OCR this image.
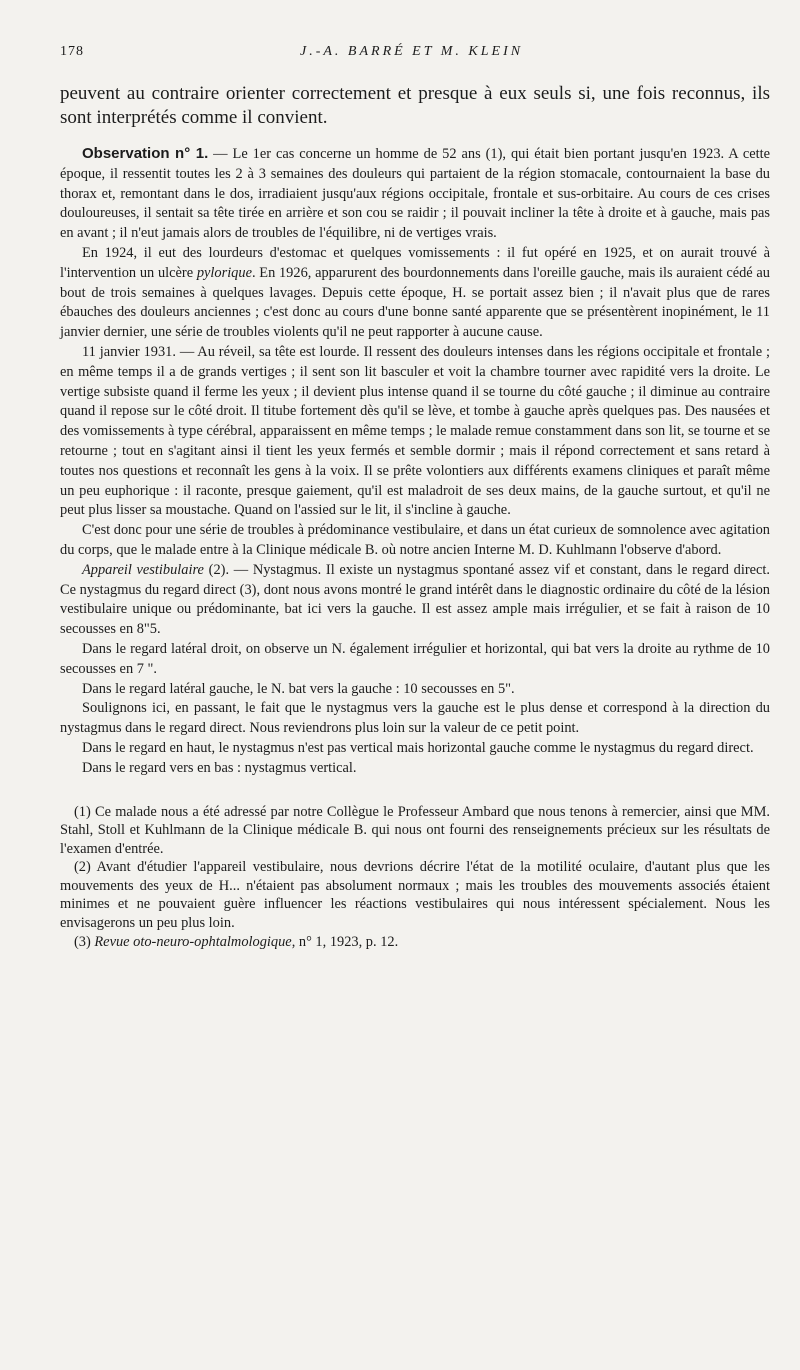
178	J.-A. BARRÉ ET M. KLEIN

peuvent au contraire orienter correctement et presque à eux seuls si, une fois reconnus, ils sont interprétés comme il convient.

Observation n° 1. — Le 1er cas concerne un homme de 52 ans (1), qui était bien portant jusqu'en 1923. A cette époque, il ressentit toutes les 2 à 3 semaines des douleurs qui partaient de la région stomacale, contournaient la base du thorax et, remontant dans le dos, irradiaient jusqu'aux régions occipitale, frontale et sus-orbitaire. Au cours de ces crises douloureuses, il sentait sa tête tirée en arrière et son cou se raidir ; il pouvait incliner la tête à droite et à gauche, mais pas en avant ; il n'eut jamais alors de troubles de l'équilibre, ni de vertiges vrais.

En 1924, il eut des lourdeurs d'estomac et quelques vomissements : il fut opéré en 1925, et on aurait trouvé à l'intervention un ulcère pylorique. En 1926, apparurent des bourdonnements dans l'oreille gauche, mais ils auraient cédé au bout de trois semaines à quelques lavages. Depuis cette époque, H. se portait assez bien ; il n'avait plus que de rares ébauches des douleurs anciennes ; c'est donc au cours d'une bonne santé apparente que se présentèrent inopinément, le 11 janvier dernier, une série de troubles violents qu'il ne peut rapporter à aucune cause.

11 janvier 1931. — Au réveil, sa tête est lourde. Il ressent des douleurs intenses dans les régions occipitale et frontale ; en même temps il a de grands vertiges ; il sent son lit basculer et voit la chambre tourner avec rapidité vers la droite. Le vertige subsiste quand il ferme les yeux ; il devient plus intense quand il se tourne du côté gauche ; il diminue au contraire quand il repose sur le côté droit. Il titube fortement dès qu'il se lève, et tombe à gauche après quelques pas. Des nausées et des vomissements à type cérébral, apparaissent en même temps ; le malade remue constamment dans son lit, se tourne et se retourne ; tout en s'agitant ainsi il tient les yeux fermés et semble dormir ; mais il répond correctement et sans retard à toutes nos questions et reconnaît les gens à la voix. Il se prête volontiers aux différents examens cliniques et paraît même un peu euphorique : il raconte, presque gaiement, qu'il est maladroit de ses deux mains, de la gauche surtout, et qu'il ne peut plus lisser sa moustache. Quand on l'assied sur le lit, il s'incline à gauche.

C'est donc pour une série de troubles à prédominance vestibulaire, et dans un état curieux de somnolence avec agitation du corps, que le malade entre à la Clinique médicale B. où notre ancien Interne M. D. Kuhlmann l'observe d'abord.

Appareil vestibulaire (2). — Nystagmus. Il existe un nystagmus spontané assez vif et constant, dans le regard direct. Ce nystagmus du regard direct (3), dont nous avons montré le grand intérêt dans le diagnostic ordinaire du côté de la lésion vestibulaire unique ou prédominante, bat ici vers la gauche. Il est assez ample mais irrégulier, et se fait à raison de 10 secousses en 8"5.

Dans le regard latéral droit, on observe un N. également irrégulier et horizontal, qui bat vers la droite au rythme de 10 secousses en 7 ".

Dans le regard latéral gauche, le N. bat vers la gauche : 10 secousses en 5".

Soulignons ici, en passant, le fait que le nystagmus vers la gauche est le plus dense et correspond à la direction du nystagmus dans le regard direct. Nous reviendrons plus loin sur la valeur de ce petit point.

Dans le regard en haut, le nystagmus n'est pas vertical mais horizontal gauche comme le nystagmus du regard direct.

Dans le regard vers en bas : nystagmus vertical.

(1) Ce malade nous a été adressé par notre Collègue le Professeur Ambard que nous tenons à remercier, ainsi que MM. Stahl, Stoll et Kuhlmann de la Clinique médicale B. qui nous ont fourni des renseignements précieux sur les résultats de l'examen d'entrée.

(2) Avant d'étudier l'appareil vestibulaire, nous devrions décrire l'état de la motilité oculaire, d'autant plus que les mouvements des yeux de H... n'étaient pas absolument normaux ; mais les troubles des mouvements associés étaient minimes et ne pouvaient guère influencer les réactions vestibulaires qui nous intéressent spécialement. Nous les envisagerons un peu plus loin.

(3) Revue oto-neuro-ophtalmologique, n° 1, 1923, p. 12.
